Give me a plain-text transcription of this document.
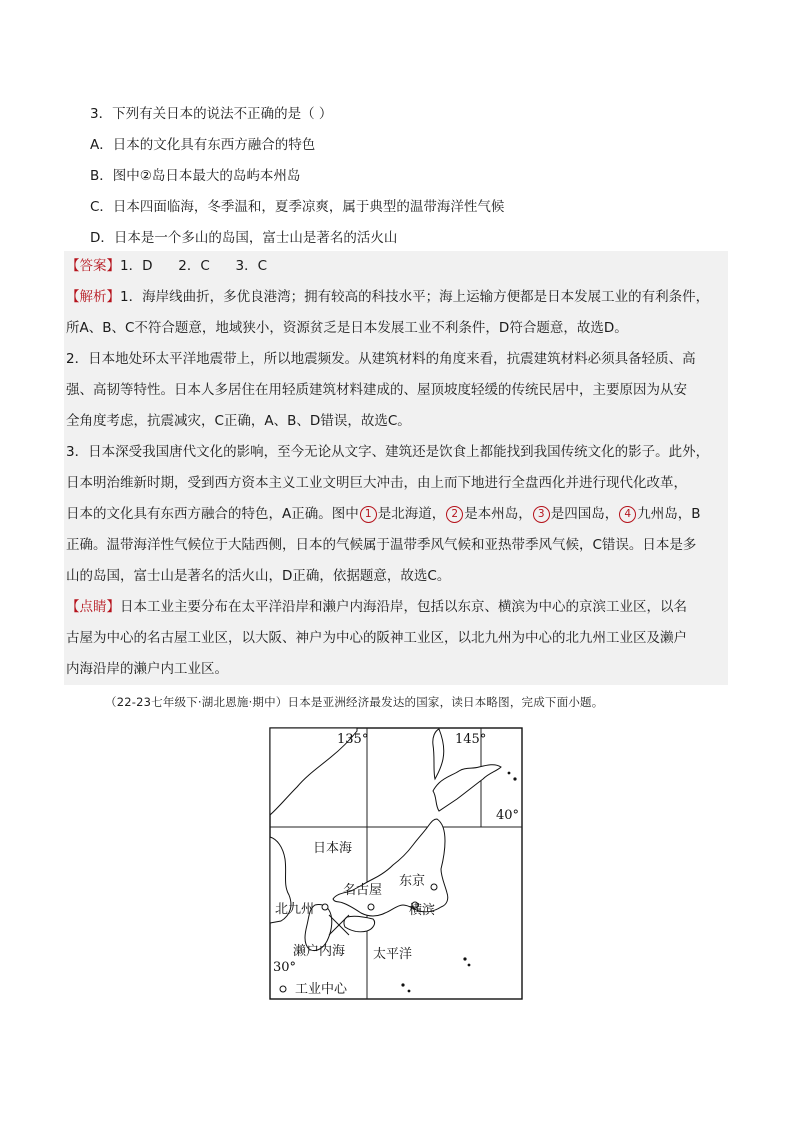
3．下列有关日本的说法不正确的是（ ）
A．日本的文化具有东西方融合的特色
B．图中②岛日本最大的岛屿本州岛
C．日本四面临海，冬季温和，夏季凉爽，属于典型的温带海洋性气候
D．日本是一个多山的岛国，富士山是著名的活火山

【答案】1．D      2．C      3．C

【解析】1．海岸线曲折，多优良港湾；拥有较高的科技水平；海上运输方便都是日本发展工业的有利条件，

所A、B、C不符合题意，地域狭小，资源贫乏是日本发展工业不利条件，D符合题意，故选D。

2．日本地处环太平洋地震带上，所以地震频发。从建筑材料的角度来看，抗震建筑材料必须具备轻质、高

强、高韧等特性。日本人多居住在用轻质建筑材料建成的、屋顶坡度轻缓的传统民居中，主要原因为从安

全角度考虑，抗震减灾，C正确，A、B、D错误，故选C。

3．日本深受我国唐代文化的影响，至今无论从文字、建筑还是饮食上都能找到我国传统文化的影子。此外，

日本明治维新时期，受到西方资本主义工业文明巨大冲击，由上而下地进行全盘西化并进行现代化改革，

日本的文化具有东西方融合的特色，A正确。图中 1 是北海道， 2 是本州岛， 3 是四国岛， 4 九州岛，B

正确。温带海洋性气候位于大陆西侧，日本的气候属于温带季风气候和亚热带季风气候，C错误。日本是多

山的岛国，富士山是著名的活火山，D正确，依据题意，故选C。

【点睛】日本工业主要分布在太平洋沿岸和濑户内海沿岸，包括以东京、横滨为中心的京滨工业区，以名

古屋为中心的名古屋工业区，以大阪、神户为中心的阪神工业区，以北九州为中心的北九州工业区及濑户

内海沿岸的濑户内工业区。

（22-23七年级下·湖北恩施·期中）日本是亚洲经济最发达的国家，读日本略图，完成下面小题。
135°	145°
40°
30°
日本海
名古屋
东京
北九州	横滨
濑户内海 太平洋
工业中心
